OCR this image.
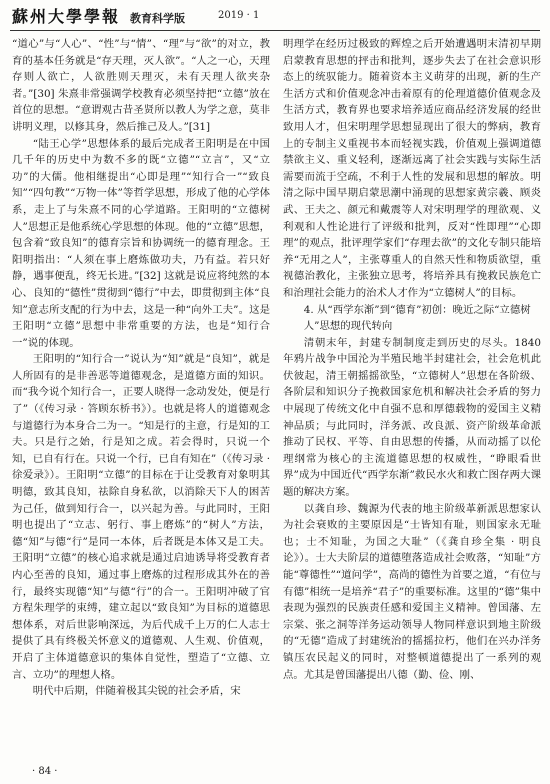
蘇州大學學報 教育科学版	2019 · 1

“道心”与“人心”、“性”与“情”、“理”与“欲”的对立，教育的基本任务就是“存天理，灭人欲”。“人之一心，天理存则人欲亡，人欲胜则天理灭，未有天理人欲夹杂者。”[30] 朱熹非常强调学校教育必须坚持把“立德”放在首位的思想。“意谓观古昔圣贤所以教人为学之意，莫非讲明义理，以修其身，然后推己及人。”[31]

“陆王心学”思想体系的最后完成者王阳明是在中国几千年的历史中为数不多的既“立德”“立言”，又“立功”的大儒。他相继提出“心即是理”“知行合一”“致良知”“四句教”“万物一体”等哲学思想，形成了他的心学体系，走上了与朱熹不同的心学道路。王阳明的“立德树人”思想正是他系统心学思想的体现。他的“立德”思想，包含着“致良知”的德育宗旨和协调统一的德育理念。王阳明指出：“人须在事上磨炼做功夫，乃有益。若只好静，遇事便乱，终无长进。”[32] 这就是说应将纯然的本心、良知的“德性”贯彻到“德行”中去，即贯彻到主体“良知”意志所支配的行为中去，这是一种“向外工夫”。这是王阳明“立德”思想中非常重要的方法，也是“知行合一”说的体现。

王阳明的“知行合一”说认为“知”就是“良知”，就是人所固有的是非善恶等道德观念，是道德方面的知识。而“我今说个知行合一，正要人晓得一念动发处，便是行了”（《传习录 · 答顾东桥书》）。也就是将人的道德观念与道德行为本身合二为一。“知是行的主意，行是知的工夫。只是行之始，行是知之成。若会得时，只说一个知，已自有行在。只说一个行，已自有知在”（《传习录 · 徐爱录》）。王阳明“立德”的目标在于让受教育对象明其明德，致其良知，祛除自身私欲，以消除天下人的困苦为己任，做到知行合一，以兴起为善。与此同时，王阳明也提出了“立志、躬行、事上磨炼”的“树人”方法，德“知”与德“行”是同一本体，后者既是本体又是工夫。王阳明“立德”的核心追求就是通过启迪诱导将受教育者内心至善的良知，通过事上磨炼的过程形成其外在的善行，最终实现德“知”与德“行”的合一。王阳明冲破了官方程朱理学的束缚，建立起以“致良知”为目标的道德思想体系，对后世影响深远，为后代成千上万的仁人志士提供了具有终极关怀意义的道德观、人生观、价值观，开启了主体道德意识的集体自觉性，塑造了“立德、立言、立功”的理想人格。

明代中后期，伴随着极其尖锐的社会矛盾，宋

明理学在经历过极致的辉煌之后开始遭遇明末清初早期启蒙教育思想的抨击和批判，逐步失去了在社会意识形态上的统驭能力。随着资本主义萌芽的出现，新的生产生活方式和价值观念冲击着原有的伦理道德价值观念及生活方式，教育界也要求培养适应商品经济发展的经世致用人才，但宋明理学思想显现出了很大的弊病，教育上的专制主义重视书本而轻视实践，价值观上强调道德禁欲主义、重义轻利，逐渐远离了社会实践与实际生活需要而流于空疏，不利于人性的发展和思想的解放。明清之际中国早期启蒙思潮中涌现的思想家黄宗羲、顾炎武、王夫之、颜元和戴震等人对宋明理学的理欲观、义利观和人性论进行了评级和批判，反对“性即理”“心即理”的观点，批评理学家们“存理去欲”的文化专制只能培养“无用之人”，主张尊重人的自然天性和物质欲望，重视德治教化，主张独立思考，将培养具有挽救民族危亡和治理社会能力的治术人才作为“立德树人”的目标。

4. 从“西学东渐”到“德育”初创：晚近之际“立德树人”思想的现代转向

清朝末年，封建专制制度走到历史的尽头。1840 年鸦片战争中国沦为半殖民地半封建社会，社会危机此伏彼起，清王朝摇摇欲坠，“立德树人”思想在各阶级、各阶层和知识分子挽救国家危机和解决社会矛盾的努力中展现了传统文化中自强不息和厚德载物的爱国主义精神品质；与此同时，洋务派、改良派、资产阶级革命派推动了民权、平等、自由思想的传播，从而动摇了以伦理纲常为核心的主流道德思想的权威性，“睁眼看世界”成为中国近代“西学东渐”救民水火和救亡图存两大课题的解决方案。

以龚自珍、魏源为代表的地主阶级革新派思想家认为社会衰败的主要原因是“士皆知有耻，则国家永无耻也；士不知耻，为国之大耻”（《龚自珍全集 · 明良论》）。士大夫阶层的道德堕落造成社会败落，“知耻”方能“尊德性”“道问学”，高尚的德性为首要之道，“有位与有德”相统一是培养“君子”的重要标准。这里的“德”集中表现为强烈的民族责任感和爱国主义精神。曾国藩、左宗棠、张之洞等洋务运动领导人物同样意识到地主阶级的“无德”造成了封建统治的摇摇拉朽，他们在兴办洋务镇压农民起义的同时，对整顿道德提出了一系列的观点。尤其是曾国藩提出八德（勤、俭、刚、

· 84 ·
